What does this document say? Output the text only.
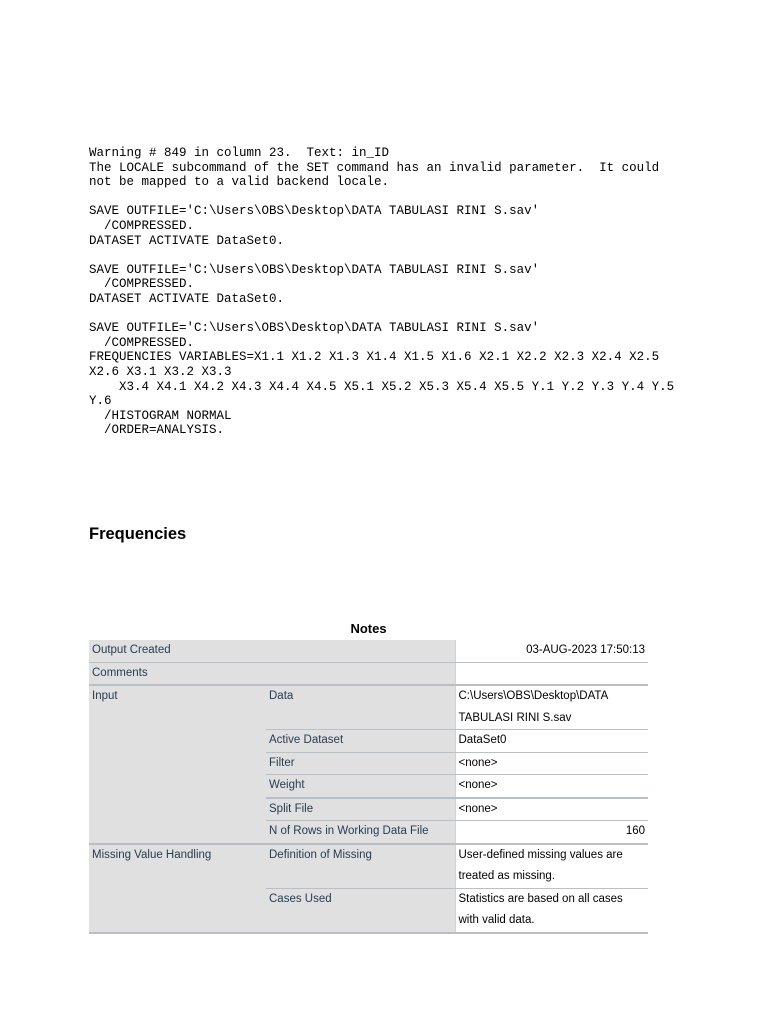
Warning # 849 in column 23.  Text: in_ID
The LOCALE subcommand of the SET command has an invalid parameter.  It could
not be mapped to a valid backend locale.

SAVE OUTFILE='C:\Users\OBS\Desktop\DATA TABULASI RINI S.sav'
/COMPRESSED.
DATASET ACTIVATE DataSet0.

SAVE OUTFILE='C:\Users\OBS\Desktop\DATA TABULASI RINI S.sav'
/COMPRESSED.
DATASET ACTIVATE DataSet0.

SAVE OUTFILE='C:\Users\OBS\Desktop\DATA TABULASI RINI S.sav'
/COMPRESSED.
FREQUENCIES VARIABLES=X1.1 X1.2 X1.3 X1.4 X1.5 X1.6 X2.1 X2.2 X2.3 X2.4 X2.5
X2.6 X3.1 X3.2 X3.3
X3.4 X4.1 X4.2 X4.3 X4.4 X4.5 X5.1 X5.2 X5.3 X5.4 X5.5 Y.1 Y.2 Y.3 Y.4 Y.5
Y.6
/HISTOGRAM NORMAL
/ORDER=ANALYSIS.
Frequencies
Notes
Output Created		03-AUG-2023 17:50:13
Comments		
Input	Data	C:\Users\OBS\Desktop\DATA TABULASI RINI S.sav
	Active Dataset	DataSet0
	Filter	<none>
	Weight	<none>
	Split File	<none>
	N of Rows in Working Data File	160
Missing Value Handling	Definition of Missing	User-defined missing values are treated as missing.
	Cases Used	Statistics are based on all cases with valid data.
